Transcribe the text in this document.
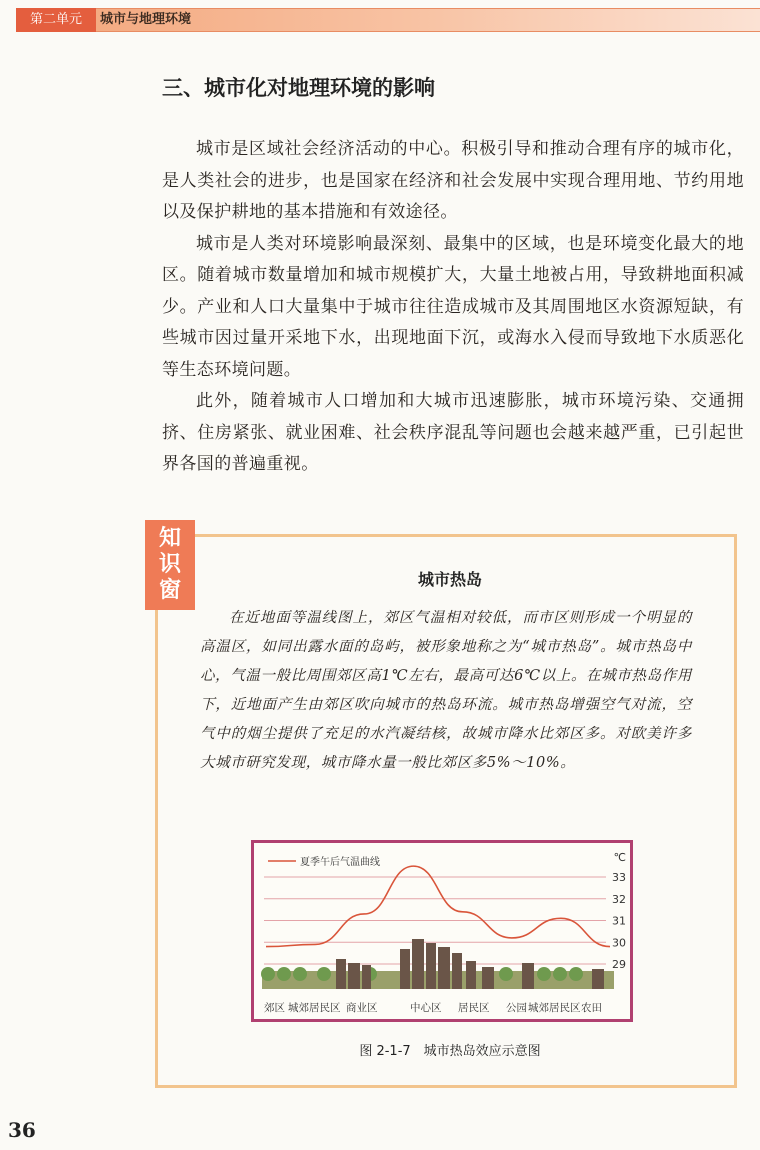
第二单元	城市与地理环境
三、城市化对地理环境的影响

城市是区域社会经济活动的中心。积极引导和推动合理有序的城市化，是人类社会的进步，也是国家在经济和社会发展中实现合理用地、节约用地以及保护耕地的基本措施和有效途径。

城市是人类对环境影响最深刻、最集中的区域，也是环境变化最大的地区。随着城市数量增加和城市规模扩大，大量土地被占用，导致耕地面积减少。产业和人口大量集中于城市往往造成城市及其周围地区水资源短缺，有些城市因过量开采地下水，出现地面下沉，或海水入侵而导致地下水质恶化等生态环境问题。

此外，随着城市人口增加和大城市迅速膨胀，城市环境污染、交通拥挤、住房紧张、就业困难、社会秩序混乱等问题也会越来越严重，已引起世界各国的普遍重视。

知
识
窗	城市热岛

在近地面等温线图上，郊区气温相对较低，而市区则形成一个明显的高温区，如同出露水面的岛屿，被形象地称之为“城市热岛”。城市热岛中心，气温一般比周围郊区高1℃左右，最高可达6℃以上。在城市热岛作用下，近地面产生由郊区吹向城市的热岛环流。城市热岛增强空气对流，空气中的烟尘提供了充足的水汽凝结核，故城市降水比郊区多。对欧美许多大城市研究发现，城市降水量一般比郊区多5%～10%。

33
32
31
30
29
℃
夏季午后气温曲线
郊区 城郊居民区 商业区	中心区 居民区 公园 城郊居民区 农田
图 2-1-7　城市热岛效应示意图
36
